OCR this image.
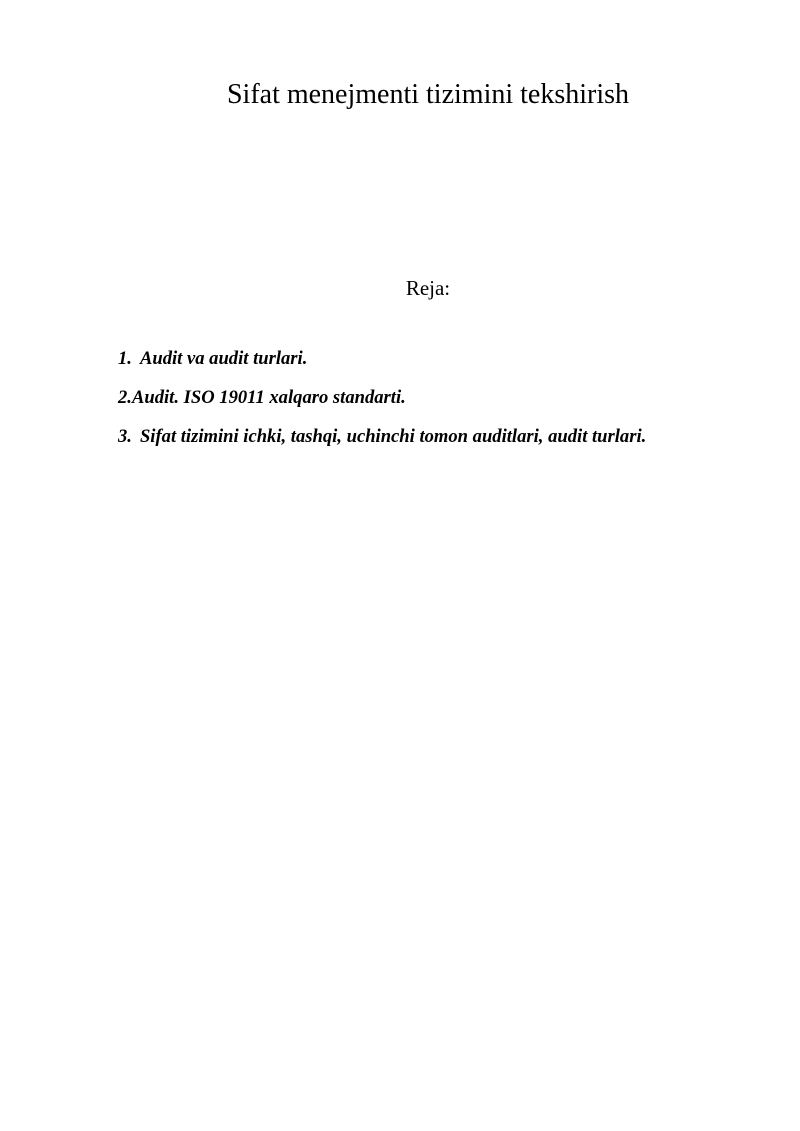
Sifat menejmenti tizimini tekshirish
Reja:
1. Audit va audit turlari.
2.Audit. ISO 19011 xalqaro standarti.
3. Sifat tizimini ichki, tashqi, uchinchi tomon auditlari, audit turlari.
